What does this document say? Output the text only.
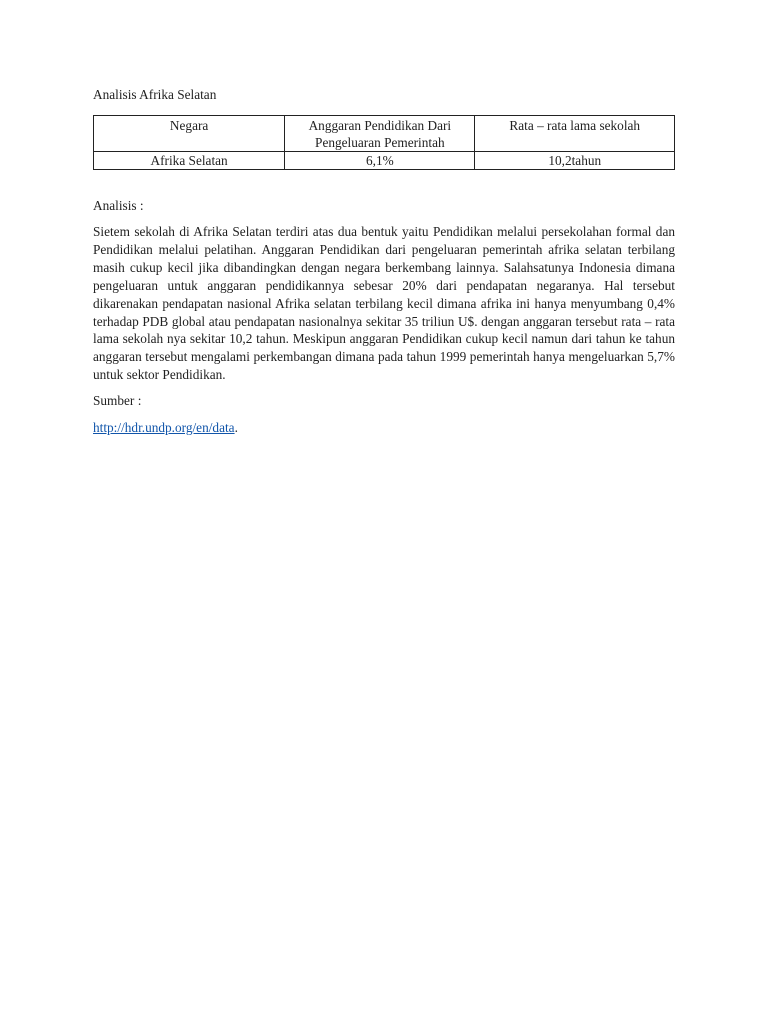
Analisis Afrika Selatan

Negara	Anggaran Pendidikan Dari Pengeluaran Pemerintah	Rata – rata lama sekolah
Afrika Selatan	6,1%	10,2tahun

Analisis :

Sietem sekolah di Afrika Selatan terdiri atas dua bentuk yaitu Pendidikan melalui persekolahan formal dan Pendidikan melalui pelatihan. Anggaran Pendidikan dari pengeluaran pemerintah afrika selatan terbilang masih cukup kecil jika dibandingkan dengan negara berkembang lainnya. Salahsatunya Indonesia dimana pengeluaran untuk anggaran pendidikannya sebesar 20% dari pendapatan negaranya. Hal tersebut dikarenakan pendapatan nasional Afrika selatan terbilang kecil dimana afrika ini hanya menyumbang 0,4% terhadap PDB global atau pendapatan nasionalnya sekitar 35 triliun U$. dengan anggaran tersebut rata – rata lama sekolah nya sekitar 10,2 tahun. Meskipun anggaran Pendidikan cukup kecil namun dari tahun ke tahun anggaran tersebut mengalami perkembangan dimana pada tahun 1999 pemerintah hanya mengeluarkan 5,7% untuk sektor Pendidikan.

Sumber :

http://hdr.undp.org/en/data.
